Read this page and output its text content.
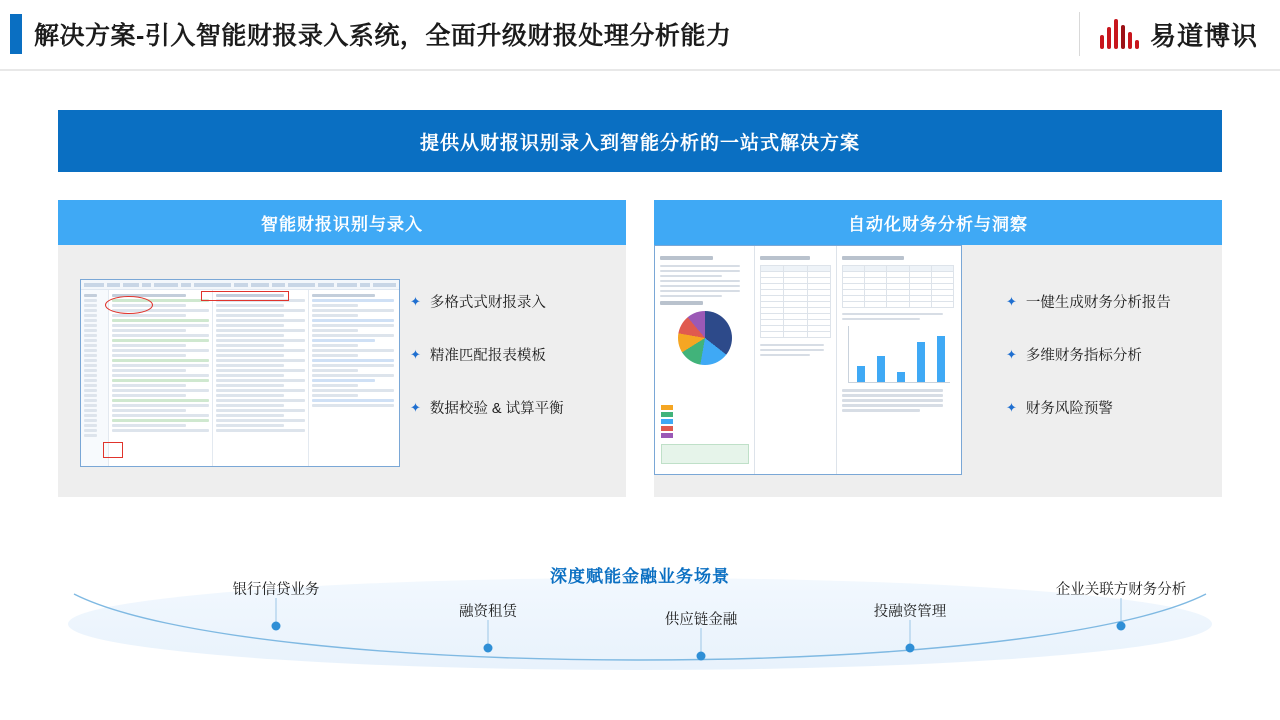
解决方案-引入智能财报录入系统，全面升级财报处理分析能力	易道博识
提供从财报识别录入到智能分析的一站式解决方案
智能财报识别与录入
✦ 多格式式财报录入
✦ 精准匹配报表模板
✦ 数据校验 & 试算平衡
自动化财务分析与洞察

✦ 一健生成财务分析报告
✦ 多维财务指标分析
✦ 财务风险预警
深度赋能金融业务场景
银行信贷业务
融资租赁	供应链金融	投融资管理
企业关联方财务分析
